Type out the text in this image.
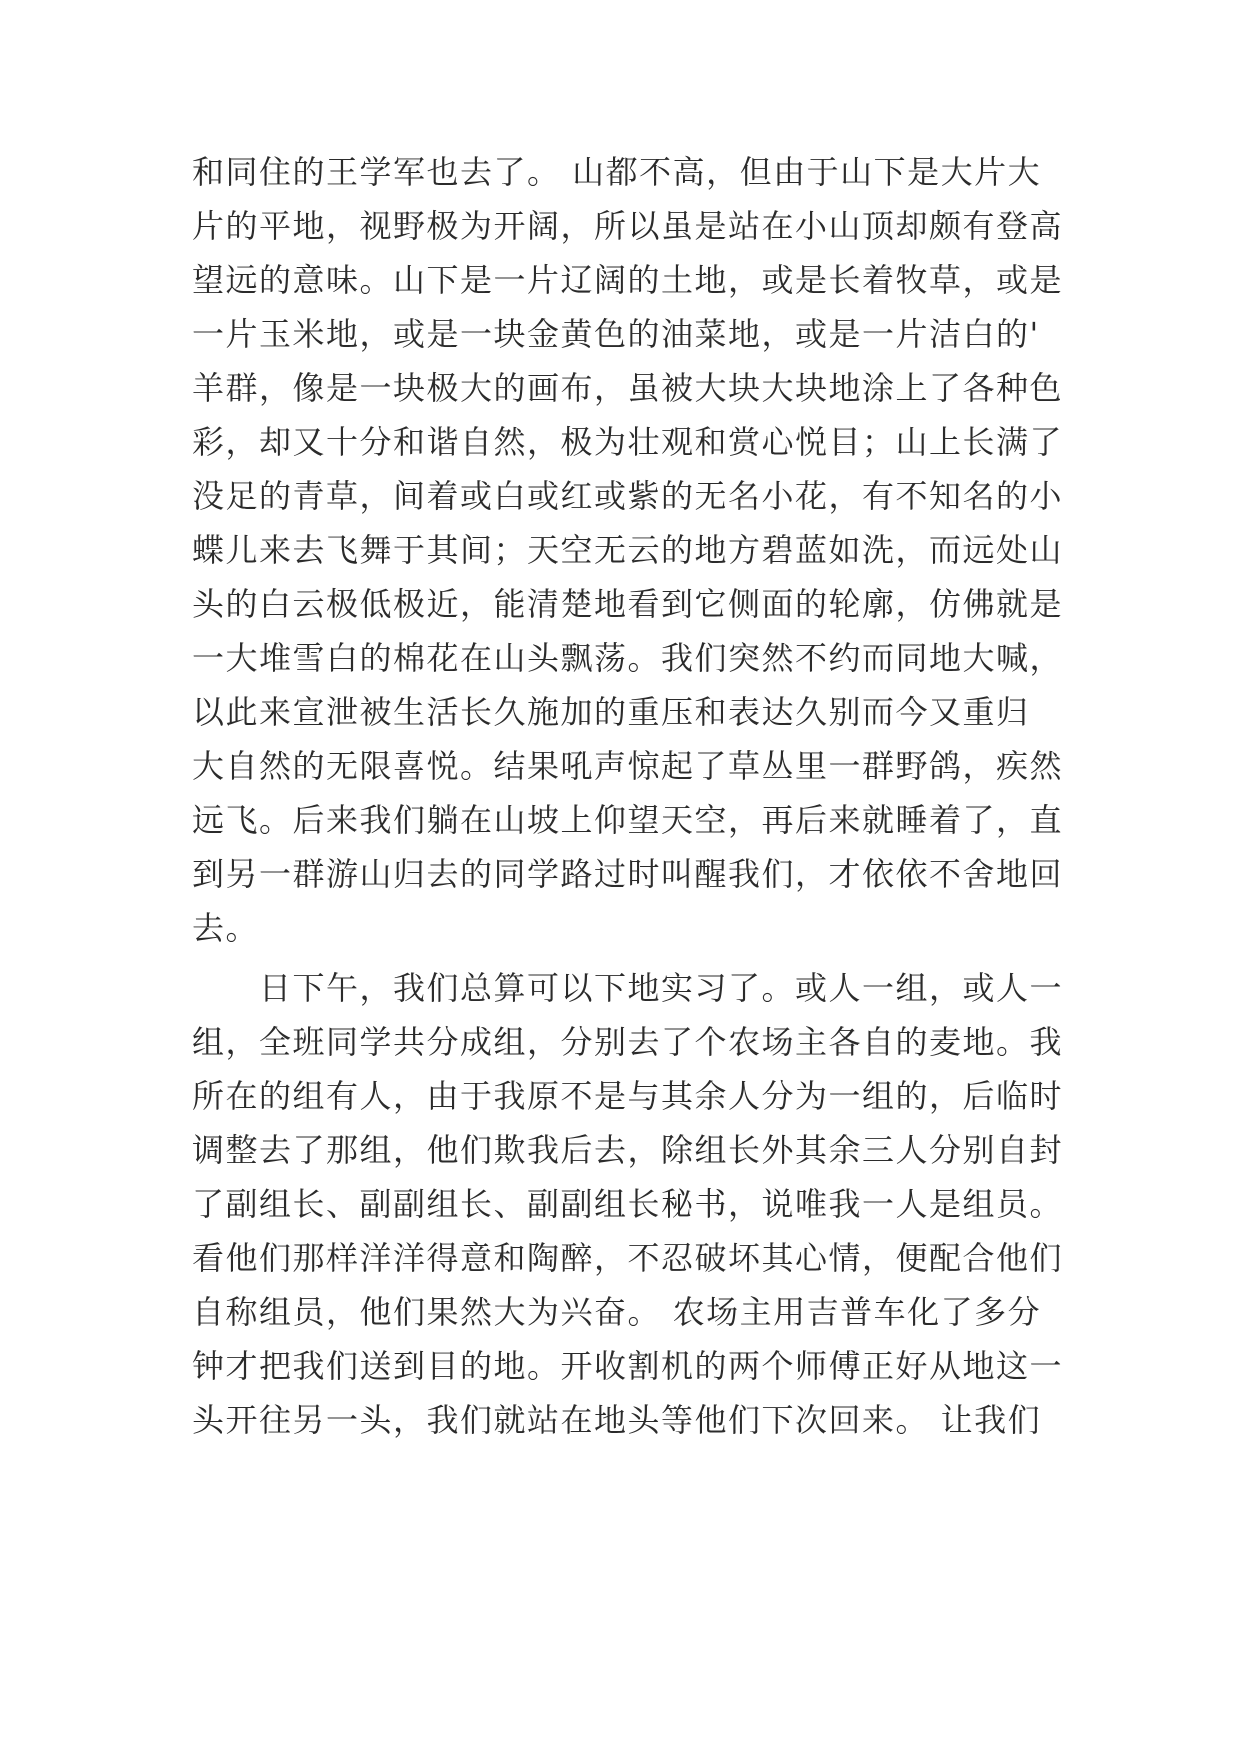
和同住的王学军也去了。 山都不高，但由于山下是大片大
片的平地，视野极为开阔，所以虽是站在小山顶却颇有登高
望远的意味。山下是一片辽阔的土地，或是长着牧草，或是
一片玉米地，或是一块金黄色的油菜地，或是一片洁白的'
羊群，像是一块极大的画布，虽被大块大块地涂上了各种色
彩，却又十分和谐自然，极为壮观和赏心悦目；山上长满了
没足的青草，间着或白或红或紫的无名小花，有不知名的小
蝶儿来去飞舞于其间；天空无云的地方碧蓝如洗，而远处山
头的白云极低极近，能清楚地看到它侧面的轮廓，仿佛就是
一大堆雪白的棉花在山头飘荡。我们突然不约而同地大喊，
以此来宣泄被生活长久施加的重压和表达久别而今又重归
大自然的无限喜悦。结果吼声惊起了草丛里一群野鸽，疾然
远飞。后来我们躺在山坡上仰望天空，再后来就睡着了，直
到另一群游山归去的同学路过时叫醒我们，才依依不舍地回
去。
　　日下午，我们总算可以下地实习了。或人一组，或人一
组，全班同学共分成组，分别去了个农场主各自的麦地。我
所在的组有人，由于我原不是与其余人分为一组的，后临时
调整去了那组，他们欺我后去，除组长外其余三人分别自封
了副组长、副副组长、副副组长秘书，说唯我一人是组员。
看他们那样洋洋得意和陶醉，不忍破坏其心情，便配合他们
自称组员，他们果然大为兴奋。 农场主用吉普车化了多分
钟才把我们送到目的地。开收割机的两个师傅正好从地这一
头开往另一头，我们就站在地头等他们下次回来。 让我们
